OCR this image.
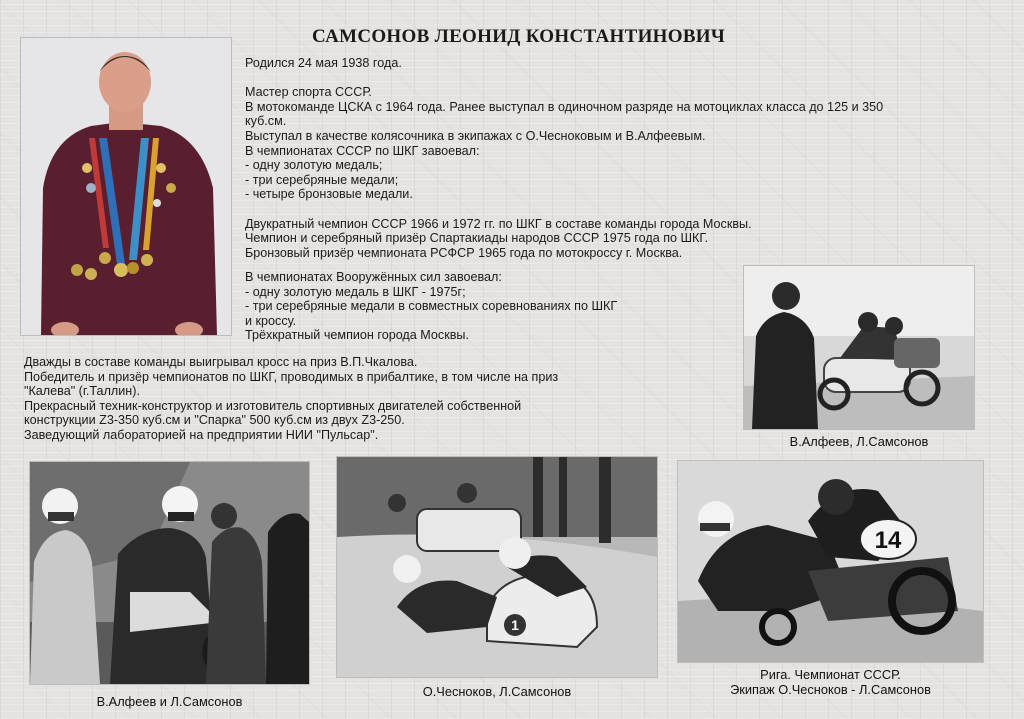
САМСОНОВ ЛЕОНИД КОНСТАНТИНОВИЧ
Родился 24 мая 1938 года.
Мастер спорта СССР.
В мотокоманде ЦСКА с 1964 года. Ранее выступал в одиночном разряде на мотоциклах класса до 125 и 350
куб.см.
Выступал в качестве колясочника в экипажах с О.Чесноковым и В.Алфеевым.
В чемпионатах СССР по ШКГ завоевал:
- одну золотую медаль;
- три серебряные медали;
- четыре бронзовые медали.
Двукратный чемпион СССР 1966 и 1972 гг. по ШКГ в составе команды города Москвы.
Чемпион и серебряный призёр Спартакиады народов СССР 1975 года по ШКГ.
Бронзовый призёр чемпионата РСФСР 1965 года по мотокроссу г. Москва.
В чемпионатах Вооружённых сил завоевал:
- одну золотую медаль в ШКГ - 1975г;
- три серебряные медали в совместных соревнованиях по ШКГ
и кроссу.
Трёхкратный чемпион города Москвы.
В.Алфеев, Л.Самсонов
Дважды в составе команды выигрывал кросс на приз В.П.Чкалова.
Победитель и призёр чемпионатов по ШКГ, проводимых в прибалтике, в том числе на приз
"Калева" (г.Таллин).
Прекрасный техник-конструктор и изготовитель спортивных двигателей собственной
конструкции Z3-350 куб.см и "Спарка" 500 куб.см из двух Z3-250.
Заведующий лабораторией на предприятии НИИ "Пульсар".
В.Алфеев и Л.Самсонов
1
О.Чесноков, Л.Самсонов
14
Рига. Чемпионат СССР.
Экипаж О.Чесноков - Л.Самсонов
